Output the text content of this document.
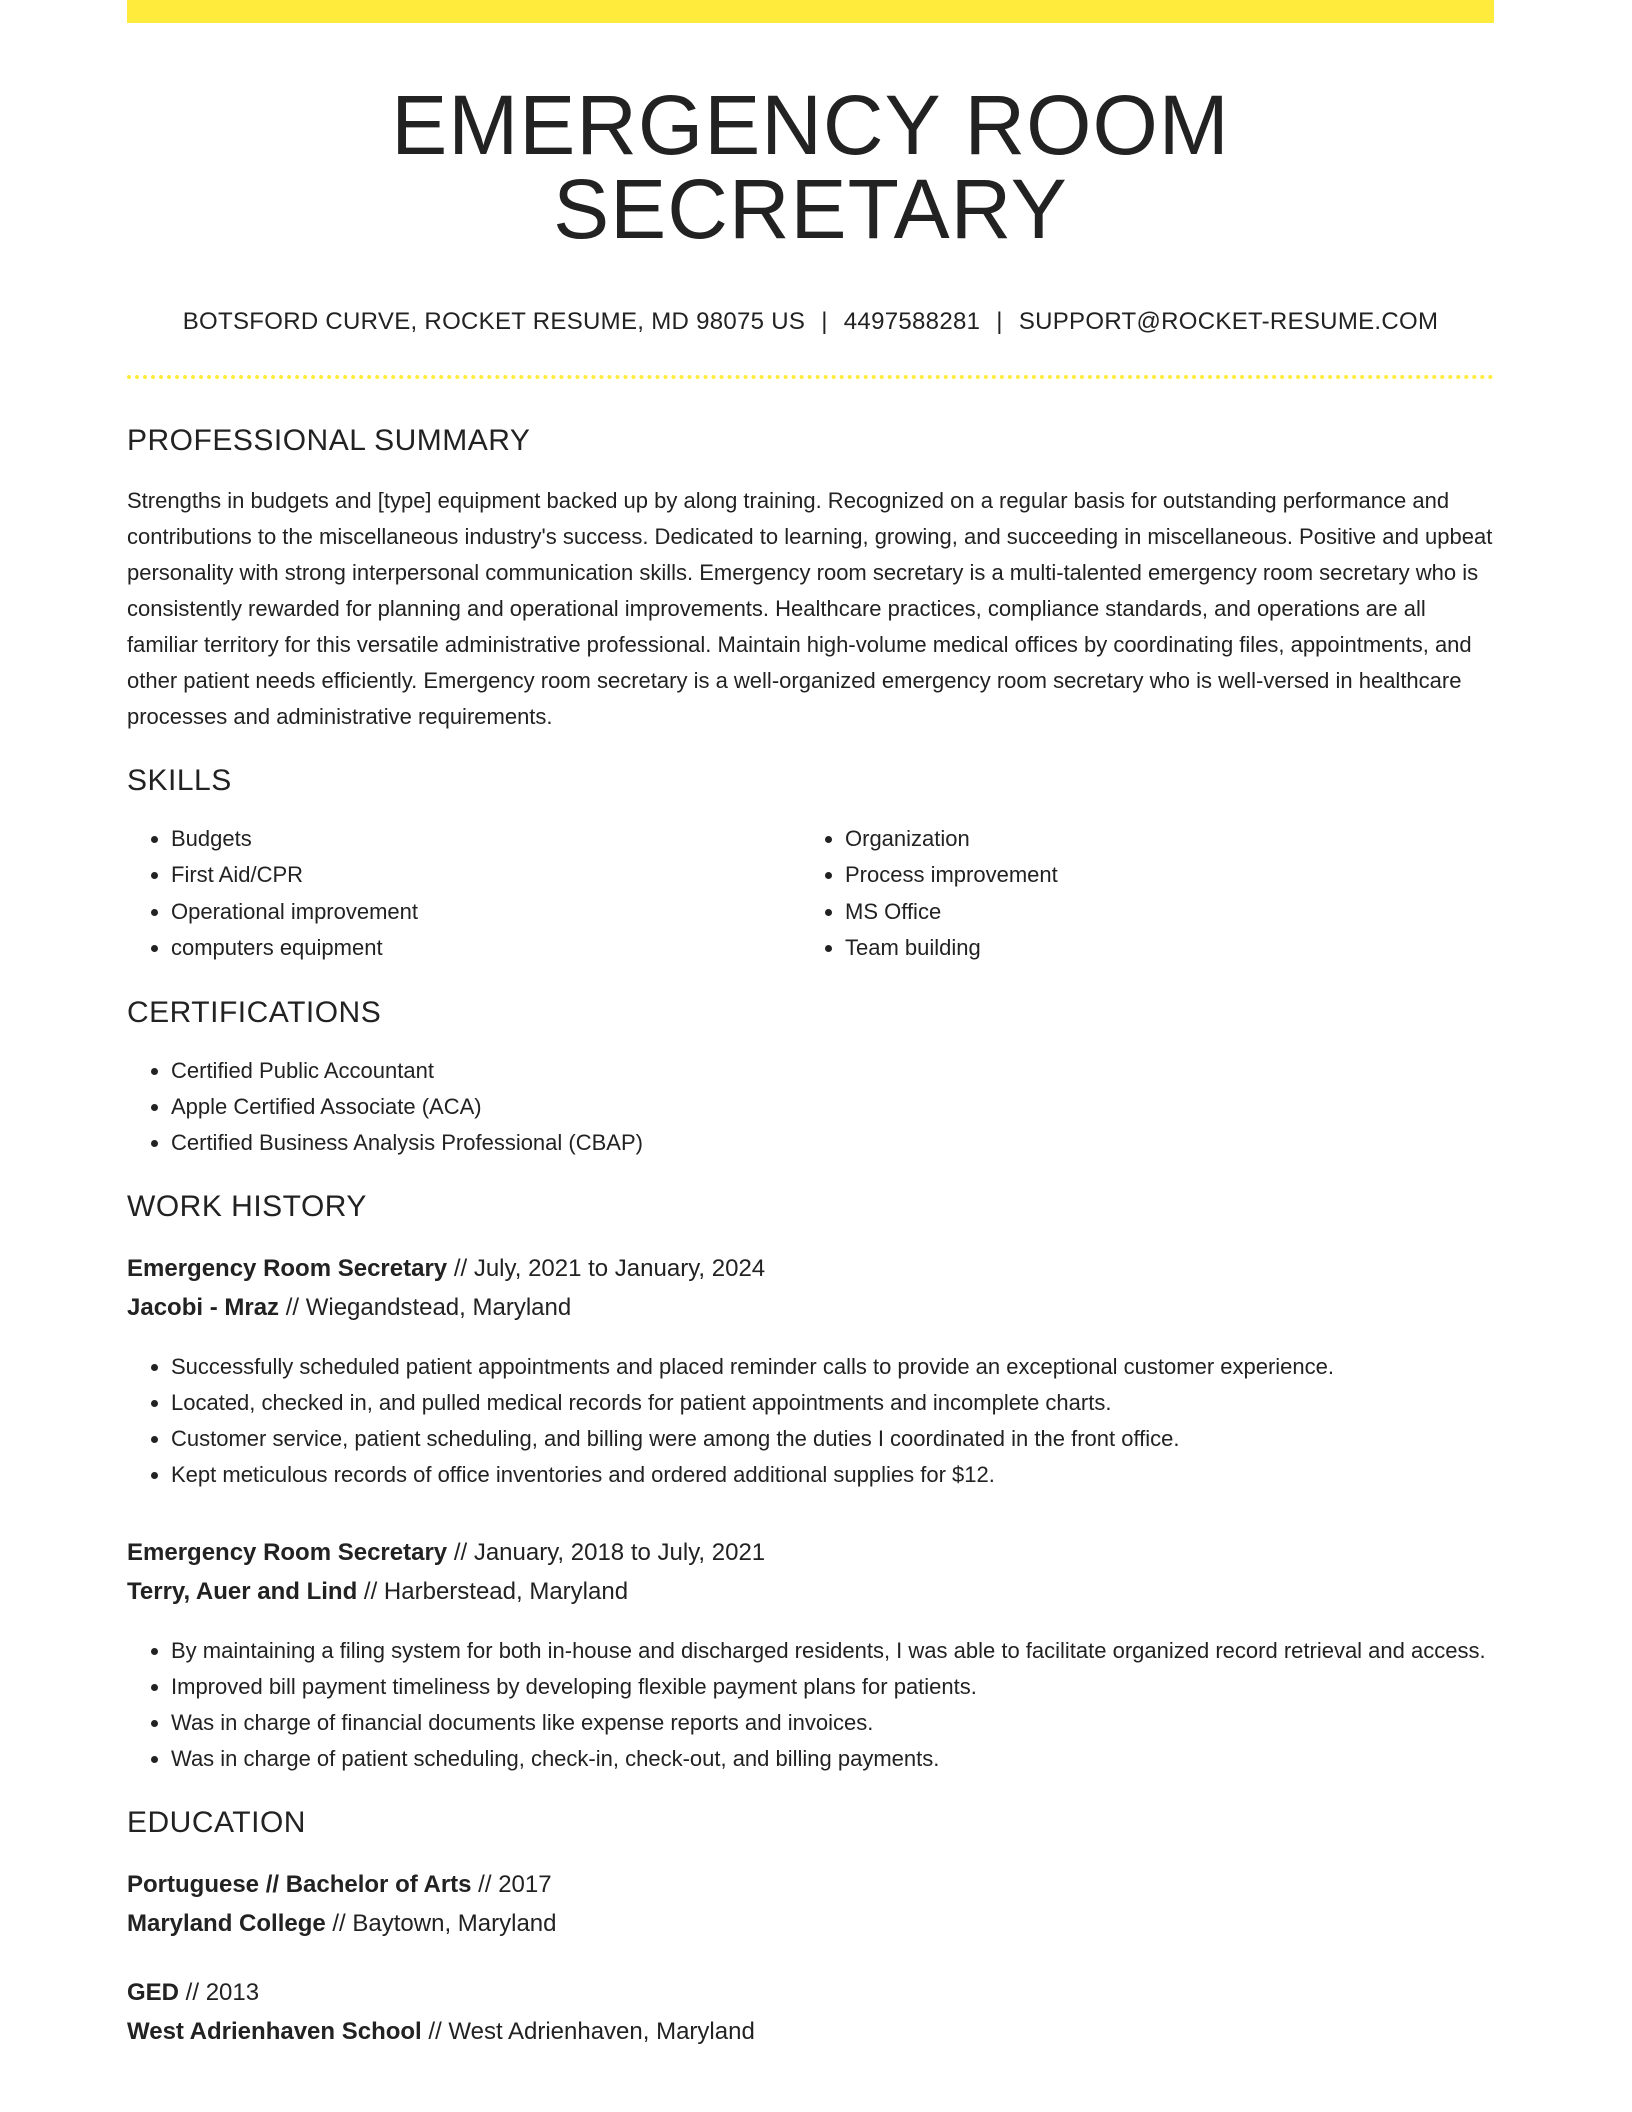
EMERGENCY ROOM SECRETARY
BOTSFORD CURVE, ROCKET RESUME, MD 98075 US | 4497588281 | SUPPORT@ROCKET-RESUME.COM
PROFESSIONAL SUMMARY
Strengths in budgets and [type] equipment backed up by along training. Recognized on a regular basis for outstanding performance and contributions to the miscellaneous industry's success. Dedicated to learning, growing, and succeeding in miscellaneous. Positive and upbeat personality with strong interpersonal communication skills. Emergency room secretary is a multi-talented emergency room secretary who is consistently rewarded for planning and operational improvements. Healthcare practices, compliance standards, and operations are all familiar territory for this versatile administrative professional. Maintain high-volume medical offices by coordinating files, appointments, and other patient needs efficiently. Emergency room secretary is a well-organized emergency room secretary who is well-versed in healthcare processes and administrative requirements.
SKILLS
• Budgets
• First Aid/CPR
• Operational improvement
• computers equipment
• Organization
• Process improvement
• MS Office
• Team building
CERTIFICATIONS
• Certified Public Accountant
• Apple Certified Associate (ACA)
• Certified Business Analysis Professional (CBAP)
WORK HISTORY
Emergency Room Secretary // July, 2021 to January, 2024
Jacobi - Mraz // Wiegandstead, Maryland
• Successfully scheduled patient appointments and placed reminder calls to provide an exceptional customer experience.
• Located, checked in, and pulled medical records for patient appointments and incomplete charts.
• Customer service, patient scheduling, and billing were among the duties I coordinated in the front office.
• Kept meticulous records of office inventories and ordered additional supplies for $12.
Emergency Room Secretary // January, 2018 to July, 2021
Terry, Auer and Lind // Harberstead, Maryland
• By maintaining a filing system for both in-house and discharged residents, I was able to facilitate organized record retrieval and access.
• Improved bill payment timeliness by developing flexible payment plans for patients.
• Was in charge of financial documents like expense reports and invoices.
• Was in charge of patient scheduling, check-in, check-out, and billing payments.
EDUCATION
Portuguese // Bachelor of Arts // 2017
Maryland College // Baytown, Maryland
GED // 2013
West Adrienhaven School // West Adrienhaven, Maryland
